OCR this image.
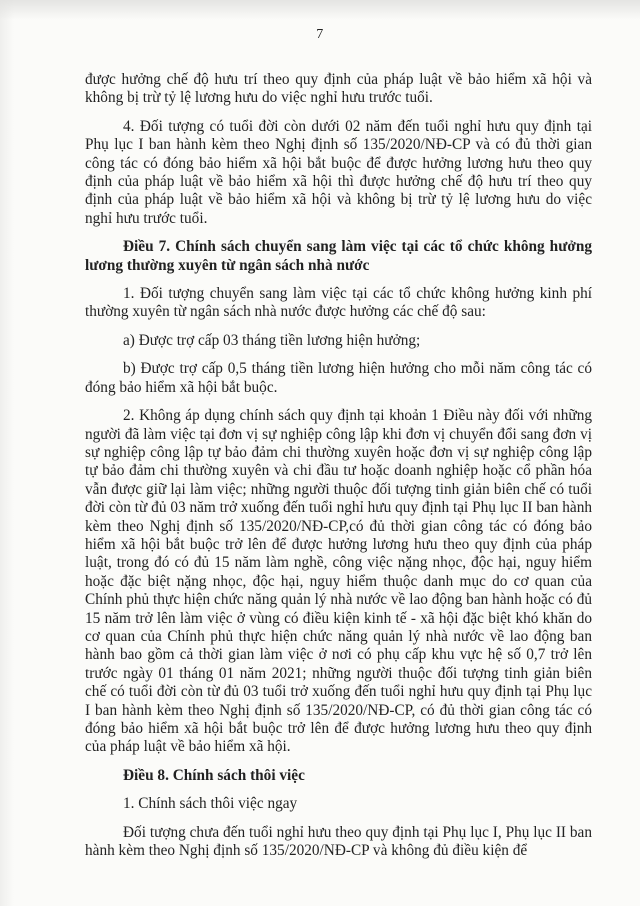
7

được hưởng chế độ hưu trí theo quy định của pháp luật về bảo hiểm xã hội và không bị trừ tỷ lệ lương hưu do việc nghỉ hưu trước tuổi.

4. Đối tượng có tuổi đời còn dưới 02 năm đến tuổi nghỉ hưu quy định tại Phụ lục I ban hành kèm theo Nghị định số 135/2020/NĐ-CP và có đủ thời gian công tác có đóng bảo hiểm xã hội bắt buộc để được hưởng lương hưu theo quy định của pháp luật về bảo hiểm xã hội thì được hưởng chế độ hưu trí theo quy định của pháp luật về bảo hiểm xã hội và không bị trừ tỷ lệ lương hưu do việc nghỉ hưu trước tuổi.

Điều 7. Chính sách chuyển sang làm việc tại các tổ chức không hưởng lương thường xuyên từ ngân sách nhà nước

1. Đối tượng chuyển sang làm việc tại các tổ chức không hưởng kinh phí thường xuyên từ ngân sách nhà nước được hưởng các chế độ sau:

a) Được trợ cấp 03 tháng tiền lương hiện hưởng;

b) Được trợ cấp 0,5 tháng tiền lương hiện hưởng cho mỗi năm công tác có đóng bảo hiểm xã hội bắt buộc.

2. Không áp dụng chính sách quy định tại khoản 1 Điều này đối với những người đã làm việc tại đơn vị sự nghiệp công lập khi đơn vị chuyển đổi sang đơn vị sự nghiệp công lập tự bảo đảm chi thường xuyên hoặc đơn vị sự nghiệp công lập tự bảo đảm chi thường xuyên và chi đầu tư hoặc doanh nghiệp hoặc cổ phần hóa vẫn được giữ lại làm việc; những người thuộc đối tượng tinh giản biên chế có tuổi đời còn từ đủ 03 năm trở xuống đến tuổi nghỉ hưu quy định tại Phụ lục II ban hành kèm theo Nghị định số 135/2020/NĐ-CP,có đủ thời gian công tác có đóng bảo hiểm xã hội bắt buộc trở lên để được hưởng lương hưu theo quy định của pháp luật, trong đó có đủ 15 năm làm nghề, công việc nặng nhọc, độc hại, nguy hiểm hoặc đặc biệt nặng nhọc, độc hại, nguy hiểm thuộc danh mục do cơ quan của Chính phủ thực hiện chức năng quản lý nhà nước về lao động ban hành hoặc có đủ 15 năm trở lên làm việc ở vùng có điều kiện kinh tế - xã hội đặc biệt khó khăn do cơ quan của Chính phủ thực hiện chức năng quản lý nhà nước về lao động ban hành bao gồm cả thời gian làm việc ở nơi có phụ cấp khu vực hệ số 0,7 trở lên trước ngày 01 tháng 01 năm 2021; những người thuộc đối tượng tinh giản biên chế có tuổi đời còn từ đủ 03 tuổi trở xuống đến tuổi nghỉ hưu quy định tại Phụ lục I ban hành kèm theo Nghị định số 135/2020/NĐ-CP, có đủ thời gian công tác có đóng bảo hiểm xã hội bắt buộc trở lên để được hưởng lương hưu theo quy định của pháp luật về bảo hiểm xã hội.

Điều 8. Chính sách thôi việc

1. Chính sách thôi việc ngay

Đối tượng chưa đến tuổi nghỉ hưu theo quy định tại Phụ lục I, Phụ lục II ban hành kèm theo Nghị định số 135/2020/NĐ-CP và không đủ điều kiện để
